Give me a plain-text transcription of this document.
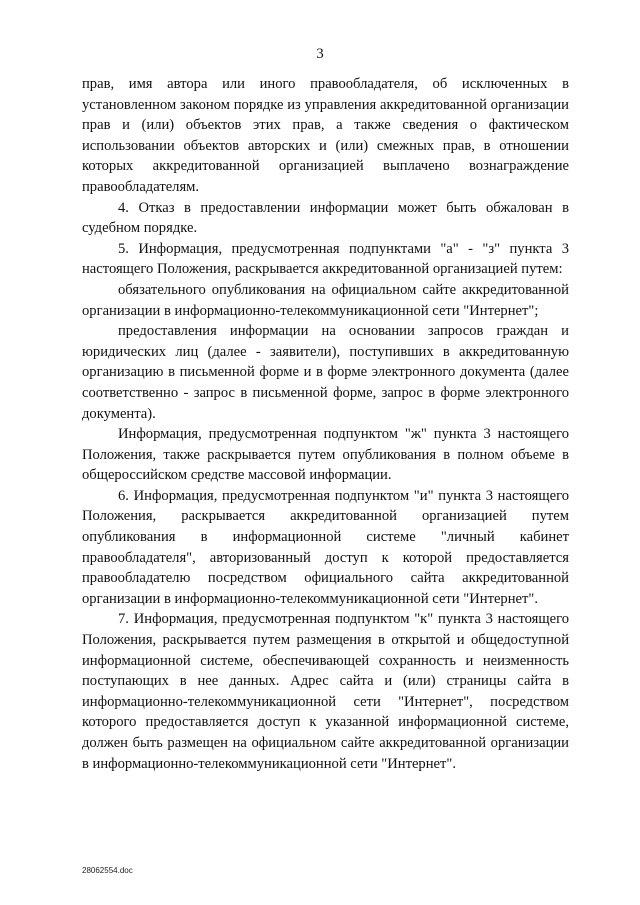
3

прав, имя автора или иного правообладателя, об исключенных в установленном законом порядке из управления аккредитованной организации прав и (или) объектов этих прав, а также сведения о фактическом использовании объектов авторских и (или) смежных прав, в отношении которых аккредитованной организацией выплачено вознаграждение правообладателям.

4. Отказ в предоставлении информации может быть обжалован в судебном порядке.

5. Информация, предусмотренная подпунктами "а" - "з" пункта 3 настоящего Положения, раскрывается аккредитованной организацией путем:

обязательного опубликования на официальном сайте аккредитованной организации в информационно-телекоммуникационной сети "Интернет";

предоставления информации на основании запросов граждан и юридических лиц (далее - заявители), поступивших в аккредитованную организацию в письменной форме и в форме электронного документа (далее соответственно - запрос в письменной форме, запрос в форме электронного документа).

Информация, предусмотренная подпунктом "ж" пункта 3 настоящего Положения, также раскрывается путем опубликования в полном объеме в общероссийском средстве массовой информации.

6. Информация, предусмотренная подпунктом "и" пункта 3 настоящего Положения, раскрывается аккредитованной организацией путем опубликования в информационной системе "личный кабинет правообладателя", авторизованный доступ к которой предоставляется правообладателю посредством официального сайта аккредитованной организации в информационно-телекоммуникационной сети "Интернет".

7. Информация, предусмотренная подпунктом "к" пункта 3 настоящего Положения, раскрывается путем размещения в открытой и общедоступной информационной системе, обеспечивающей сохранность и неизменность поступающих в нее данных. Адрес сайта и (или) страницы сайта в информационно-телекоммуникационной сети "Интернет", посредством которого предоставляется доступ к указанной информационной системе, должен быть размещен на официальном сайте аккредитованной организации в информационно-телекоммуникационной сети "Интернет".

28062554.doc
